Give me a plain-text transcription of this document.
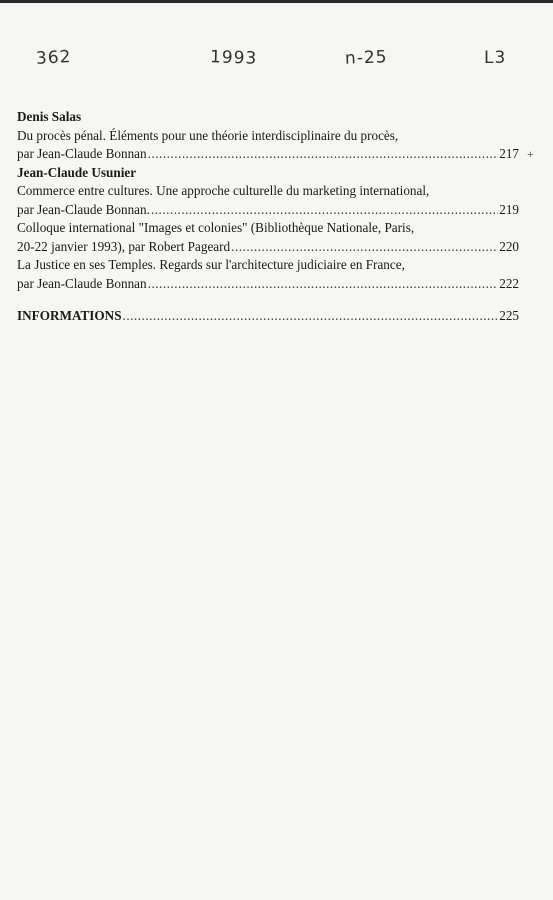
362	1993	n-25	L3
Denis Salas
Du procès pénal. Éléments pour une théorie interdisciplinaire du procès,
par Jean-Claude Bonnan .....	217
Jean-Claude Usunier
Commerce entre cultures. Une approche culturelle du marketing international,
par Jean-Claude Bonnan. .....	219
Colloque international "Images et colonies" (Bibliothèque Nationale, Paris,
20-22 janvier 1993), par Robert Pageard .....	220
La Justice en ses Temples. Regards sur l'architecture judiciaire en France,
par Jean-Claude Bonnan .....	222
INFORMATIONS .....	225
+
